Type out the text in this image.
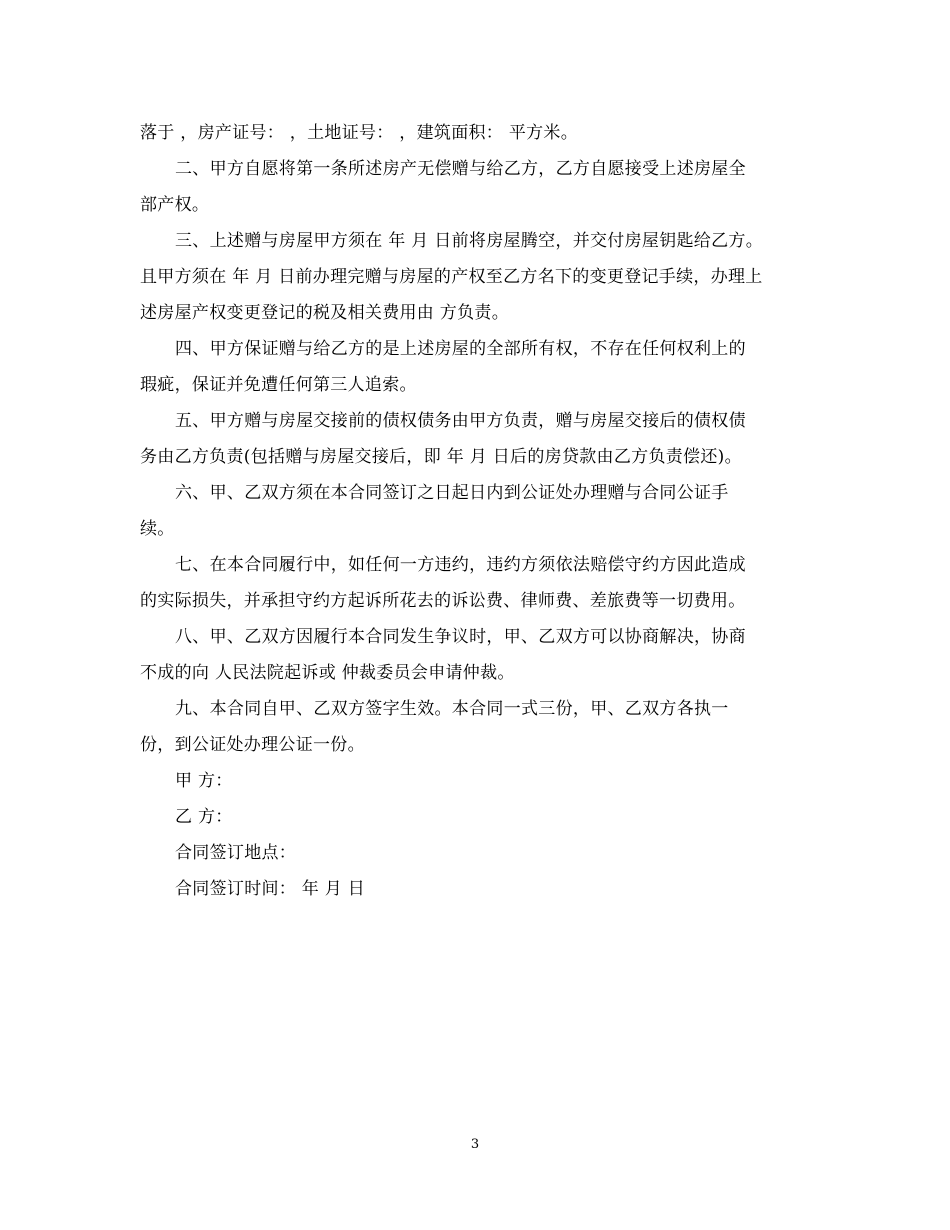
落于 ，房产证号： ，土地证号： ，建筑面积： 平方米。
二、甲方自愿将第一条所述房产无偿赠与给乙方，乙方自愿接受上述房屋全
部产权。
三、上述赠与房屋甲方须在 年 月 日前将房屋腾空，并交付房屋钥匙给乙方。
且甲方须在 年 月 日前办理完赠与房屋的产权至乙方名下的变更登记手续，办理上
述房屋产权变更登记的税及相关费用由 方负责。
四、甲方保证赠与给乙方的是上述房屋的全部所有权，不存在任何权利上的
瑕疵，保证并免遭任何第三人追索。
五、甲方赠与房屋交接前的债权债务由甲方负责，赠与房屋交接后的债权债
务由乙方负责(包括赠与房屋交接后，即 年 月 日后的房贷款由乙方负责偿还)。
六、甲、乙双方须在本合同签订之日起日内到公证处办理赠与合同公证手
续。
七、在本合同履行中，如任何一方违约，违约方须依法赔偿守约方因此造成
的实际损失，并承担守约方起诉所花去的诉讼费、律师费、差旅费等一切费用。
八、甲、乙双方因履行本合同发生争议时，甲、乙双方可以协商解决，协商
不成的向 人民法院起诉或 仲裁委员会申请仲裁。
九、本合同自甲、乙双方签字生效。本合同一式三份，甲、乙双方各执一
份，到公证处办理公证一份。
甲 方：
乙 方：
合同签订地点：
合同签订时间： 年 月 日
3
